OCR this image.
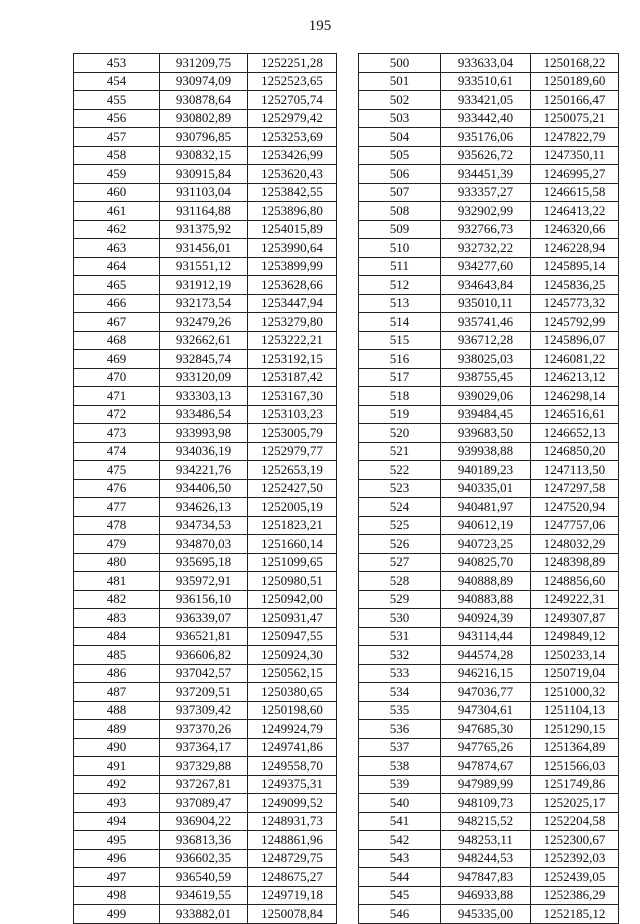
195
453	931209,75	1252251,28
454	930974,09	1252523,65
455	930878,64	1252705,74
456	930802,89	1252979,42
457	930796,85	1253253,69
458	930832,15	1253426,99
459	930915,84	1253620,43
460	931103,04	1253842,55
461	931164,88	1253896,80
462	931375,92	1254015,89
463	931456,01	1253990,64
464	931551,12	1253899,99
465	931912,19	1253628,66
466	932173,54	1253447,94
467	932479,26	1253279,80
468	932662,61	1253222,21
469	932845,74	1253192,15
470	933120,09	1253187,42
471	933303,13	1253167,30
472	933486,54	1253103,23
473	933993,98	1253005,79
474	934036,19	1252979,77
475	934221,76	1252653,19
476	934406,50	1252427,50
477	934626,13	1252005,19
478	934734,53	1251823,21
479	934870,03	1251660,14
480	935695,18	1251099,65
481	935972,91	1250980,51
482	936156,10	1250942,00
483	936339,07	1250931,47
484	936521,81	1250947,55
485	936606,82	1250924,30
486	937042,57	1250562,15
487	937209,51	1250380,65
488	937309,42	1250198,60
489	937370,26	1249924,79
490	937364,17	1249741,86
491	937329,88	1249558,70
492	937267,81	1249375,31
493	937089,47	1249099,52
494	936904,22	1248931,73
495	936813,36	1248861,96
496	936602,35	1248729,75
497	936540,59	1248675,27
498	934619,55	1249719,18
499	933882,01	1250078,84
500	933633,04	1250168,22
501	933510,61	1250189,60
502	933421,05	1250166,47
503	933442,40	1250075,21
504	935176,06	1247822,79
505	935626,72	1247350,11
506	934451,39	1246995,27
507	933357,27	1246615,58
508	932902,99	1246413,22
509	932766,73	1246320,66
510	932732,22	1246228,94
511	934277,60	1245895,14
512	934643,84	1245836,25
513	935010,11	1245773,32
514	935741,46	1245792,99
515	936712,28	1245896,07
516	938025,03	1246081,22
517	938755,45	1246213,12
518	939029,06	1246298,14
519	939484,45	1246516,61
520	939683,50	1246652,13
521	939938,88	1246850,20
522	940189,23	1247113,50
523	940335,01	1247297,58
524	940481,97	1247520,94
525	940612,19	1247757,06
526	940723,25	1248032,29
527	940825,70	1248398,89
528	940888,89	1248856,60
529	940883,88	1249222,31
530	940924,39	1249307,87
531	943114,44	1249849,12
532	944574,28	1250233,14
533	946216,15	1250719,04
534	947036,77	1251000,32
535	947304,61	1251104,13
536	947685,30	1251290,15
537	947765,26	1251364,89
538	947874,67	1251566,03
539	947989,99	1251749,86
540	948109,73	1252025,17
541	948215,52	1252204,58
542	948253,11	1252300,67
543	948244,53	1252392,03
544	947847,83	1252439,05
545	946933,88	1252386,29
546	945335,00	1252185,12
